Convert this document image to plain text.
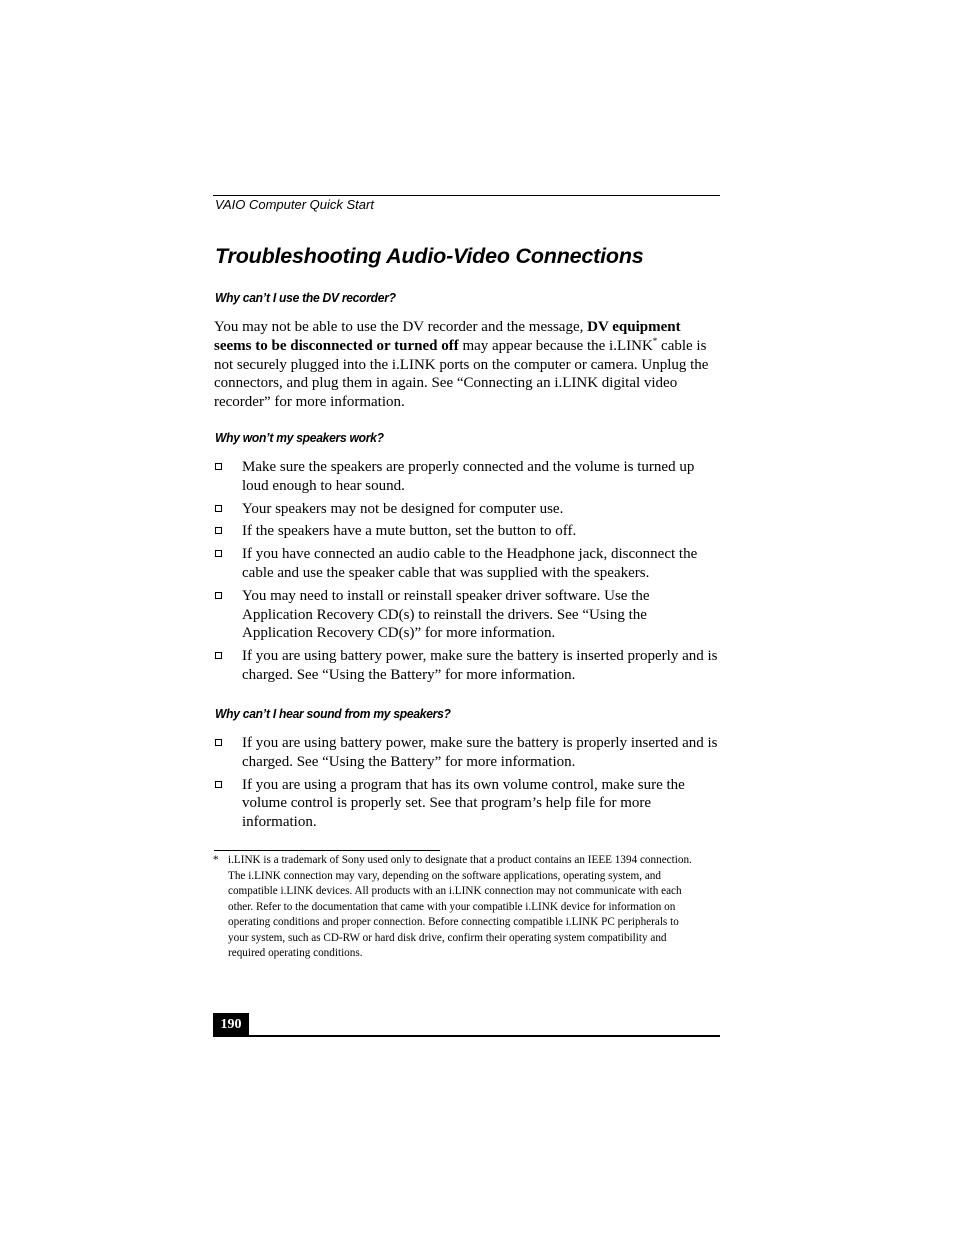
VAIO Computer Quick Start
Troubleshooting Audio-Video Connections
Why can’t I use the DV recorder?

You may not be able to use the DV recorder and the message, DV equipment seems to be disconnected or turned off may appear because the i.LINK* cable is not securely plugged into the i.LINK ports on the computer or camera. Unplug the connectors, and plug them in again. See “Connecting an i.LINK digital video recorder” for more information.

Why won’t my speakers work?
Make sure the speakers are properly connected and the volume is turned up loud enough to hear sound.
Your speakers may not be designed for computer use.
If the speakers have a mute button, set the button to off.
If you have connected an audio cable to the Headphone jack, disconnect the cable and use the speaker cable that was supplied with the speakers.
You may need to install or reinstall speaker driver software. Use the Application Recovery CD(s) to reinstall the drivers. See “Using the Application Recovery CD(s)” for more information.
If you are using battery power, make sure the battery is inserted properly and is charged. See “Using the Battery” for more information.
Why can’t I hear sound from my speakers?
If you are using battery power, make sure the battery is properly inserted and is charged. See “Using the Battery” for more information.
If you are using a program that has its own volume control, make sure the volume control is properly set. See that program’s help file for more information.
* i.LINK is a trademark of Sony used only to designate that a product contains an IEEE 1394 connection. The i.LINK connection may vary, depending on the software applications, operating system, and compatible i.LINK devices. All products with an i.LINK connection may not communicate with each other. Refer to the documentation that came with your compatible i.LINK device for information on operating conditions and proper connection. Before connecting compatible i.LINK PC peripherals to your system, such as CD-RW or hard disk drive, confirm their operating system compatibility and required operating conditions.
190
